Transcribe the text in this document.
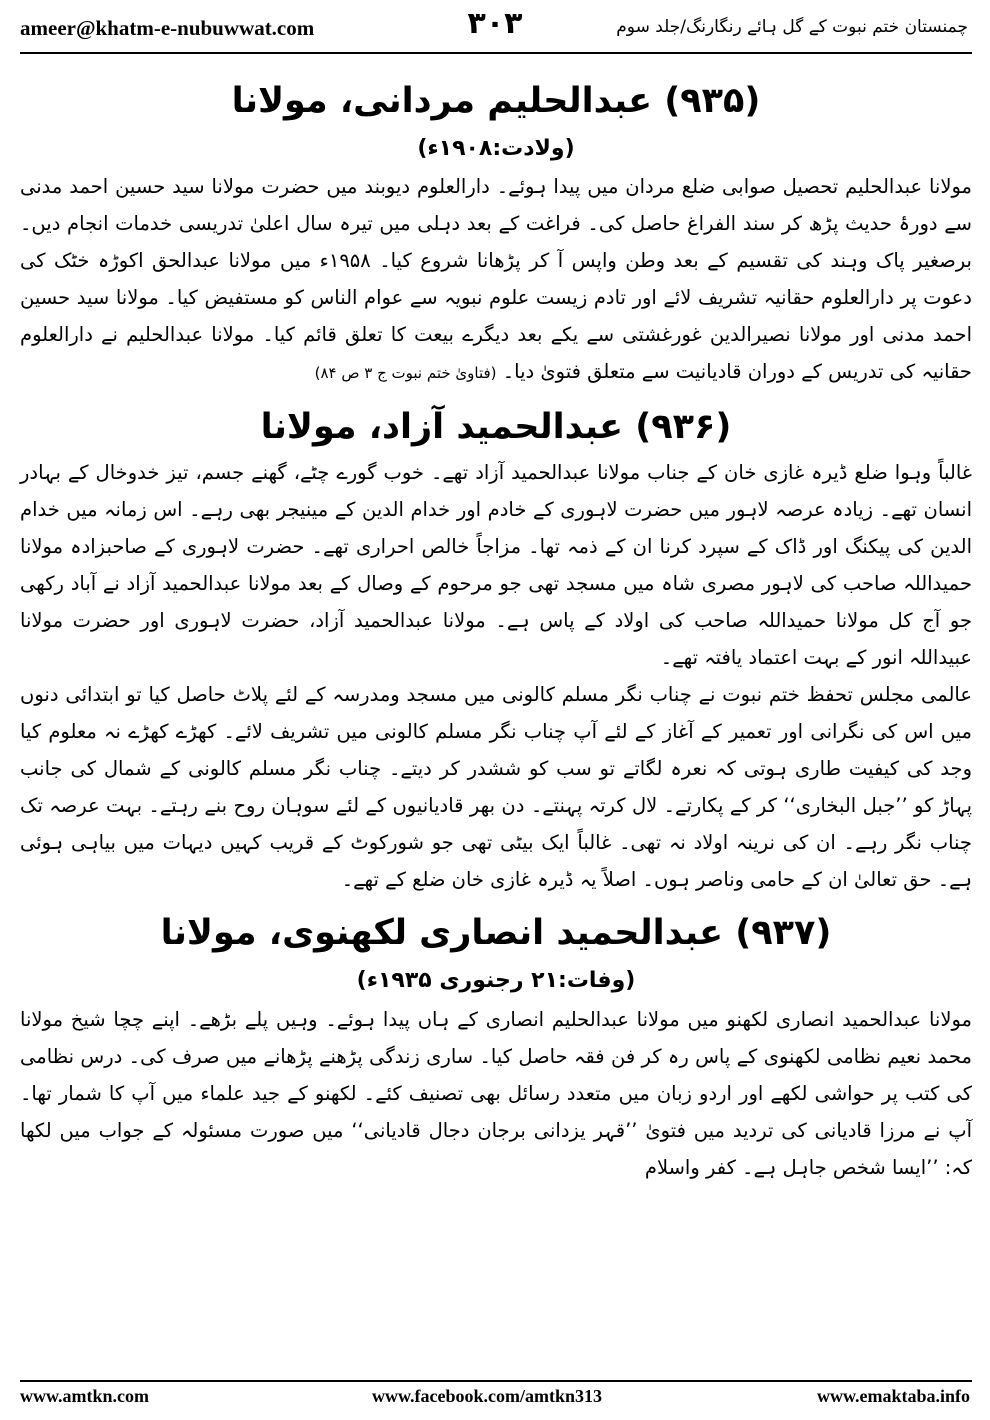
ameer@khatm-e-nubuwwat.com	۳۰۳	چمنستان ختم نبوت کے گل ہائے رنگارنگ/جلد سوم
(۹۳۵) عبدالحلیم مردانی، مولانا

(ولادت:۱۹۰۸ء)

مولانا عبدالحلیم تحصیل صوابی ضلع مردان میں پیدا ہوئے۔ دارالعلوم دیوبند میں حضرت مولانا سید حسین احمد مدنی سے دورۂ حدیث پڑھ کر سند الفراغ حاصل کی۔ فراغت کے بعد دہلی میں تیرہ سال اعلیٰ تدریسی خدمات انجام دیں۔ برصغیر پاک وہند کی تقسیم کے بعد وطن واپس آ کر پڑھانا شروع کیا۔ ۱۹۵۸ء میں مولانا عبدالحق اکوڑہ خٹک کی دعوت پر دارالعلوم حقانیہ تشریف لائے اور تادم زیست علوم نبویہ سے عوام الناس کو مستفیض کیا۔ مولانا سید حسین احمد مدنی اور مولانا نصیرالدین غورغشتی سے یکے بعد دیگرے بیعت کا تعلق قائم کیا۔ مولانا عبدالحلیم نے دارالعلوم حقانیہ کی تدریس کے دوران قادیانیت سے متعلق فتویٰ دیا۔ (فتاویٰ ختم نبوت ج ۳ ص ۸۴)

(۹۳۶) عبدالحمید آزاد، مولانا

غالباً وہوا ضلع ڈیرہ غازی خان کے جناب مولانا عبدالحمید آزاد تھے۔ خوب گورے چٹے، گھنے جسم، تیز خدوخال کے بہادر انسان تھے۔ زیادہ عرصہ لاہور میں حضرت لاہوری کے خادم اور خدام الدین کے مینیجر بھی رہے۔ اس زمانہ میں خدام الدین کی پیکنگ اور ڈاک کے سپرد کرنا ان کے ذمہ تھا۔ مزاجاً خالص احراری تھے۔ حضرت لاہوری کے صاحبزادہ مولانا حمیداللہ صاحب کی لاہور مصری شاہ میں مسجد تھی جو مرحوم کے وصال کے بعد مولانا عبدالحمید آزاد نے آباد رکھی جو آج کل مولانا حمیداللہ صاحب کی اولاد کے پاس ہے۔ مولانا عبدالحمید آزاد، حضرت لاہوری اور حضرت مولانا عبیداللہ انور کے بہت اعتماد یافتہ تھے۔

عالمی مجلس تحفظ ختم نبوت نے چناب نگر مسلم کالونی میں مسجد ومدرسہ کے لئے پلاٹ حاصل کیا تو ابتدائی دنوں میں اس کی نگرانی اور تعمیر کے آغاز کے لئے آپ چناب نگر مسلم کالونی میں تشریف لائے۔ کھڑے کھڑے نہ معلوم کیا وجد کی کیفیت طاری ہوتی کہ نعرہ لگاتے تو سب کو ششدر کر دیتے۔ چناب نگر مسلم کالونی کے شمال کی جانب پہاڑ کو ’’جبل البخاری‘‘ کر کے پکارتے۔ لال کرتہ پہنتے۔ دن بھر قادیانیوں کے لئے سوہان روح بنے رہتے۔ بہت عرصہ تک چناب نگر رہے۔ ان کی نرینہ اولاد نہ تھی۔ غالباً ایک بیٹی تھی جو شورکوٹ کے قریب کہیں دیہات میں بیاہی ہوئی ہے۔ حق تعالیٰ ان کے حامی وناصر ہوں۔ اصلاً یہ ڈیرہ غازی خان ضلع کے تھے۔

(۹۳۷) عبدالحمید انصاری لکھنوی، مولانا

(وفات:۲۱ رجنوری ۱۹۳۵ء)

مولانا عبدالحمید انصاری لکھنو میں مولانا عبدالحلیم انصاری کے ہاں پیدا ہوئے۔ وہیں پلے بڑھے۔ اپنے چچا شیخ مولانا محمد نعیم نظامی لکھنوی کے پاس رہ کر فن فقہ حاصل کیا۔ ساری زندگی پڑھنے پڑھانے میں صرف کی۔ درس نظامی کی کتب پر حواشی لکھے اور اردو زبان میں متعدد رسائل بھی تصنیف کئے۔ لکھنو کے جید علماء میں آپ کا شمار تھا۔ آپ نے مرزا قادیانی کی تردید میں فتویٰ ’’قہر یزدانی برجان دجال قادیانی‘‘ میں صورت مسئولہ کے جواب میں لکھا کہ: ’’ایسا شخص جاہل ہے۔ کفر واسلام

www.amtkn.com	www.facebook.com/amtkn313	www.emaktaba.info
